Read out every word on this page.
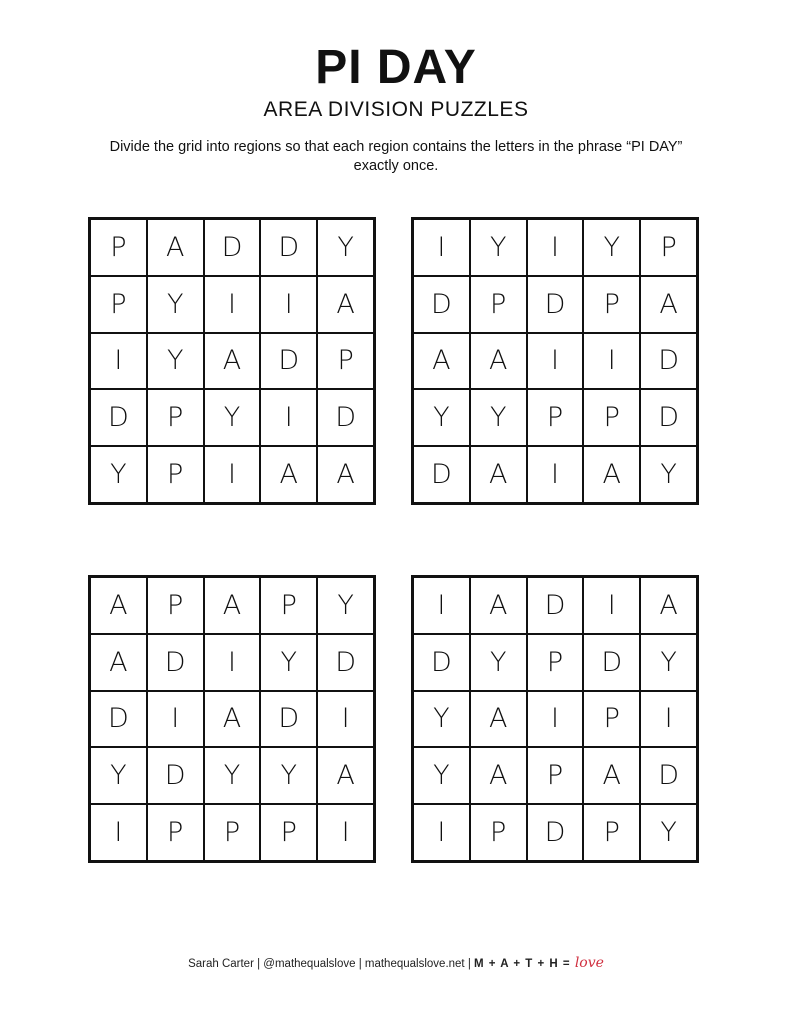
PI DAY
AREA DIVISION PUZZLES
Divide the grid into regions so that each region contains the letters in the phrase “PI DAY” exactly once.
P	A	D	D	Y
P	Y	I	I	A
I	Y	A	D	P
D	P	Y	I	D
Y	P	I	A	A
I	Y	I	Y	P
D	P	D	P	A
A	A	I	I	D
Y	Y	P	P	D
D	A	I	A	Y
A	P	A	P	Y
A	D	I	Y	D
D	I	A	D	I
Y	D	Y	Y	A
I	P	P	P	I
I	A	D	I	A
D	Y	P	D	Y
Y	A	I	P	I
Y	A	P	A	D
I	P	D	P	Y
Sarah Carter | @mathequalslove | mathequalslove.net | M + A + T + H = love
